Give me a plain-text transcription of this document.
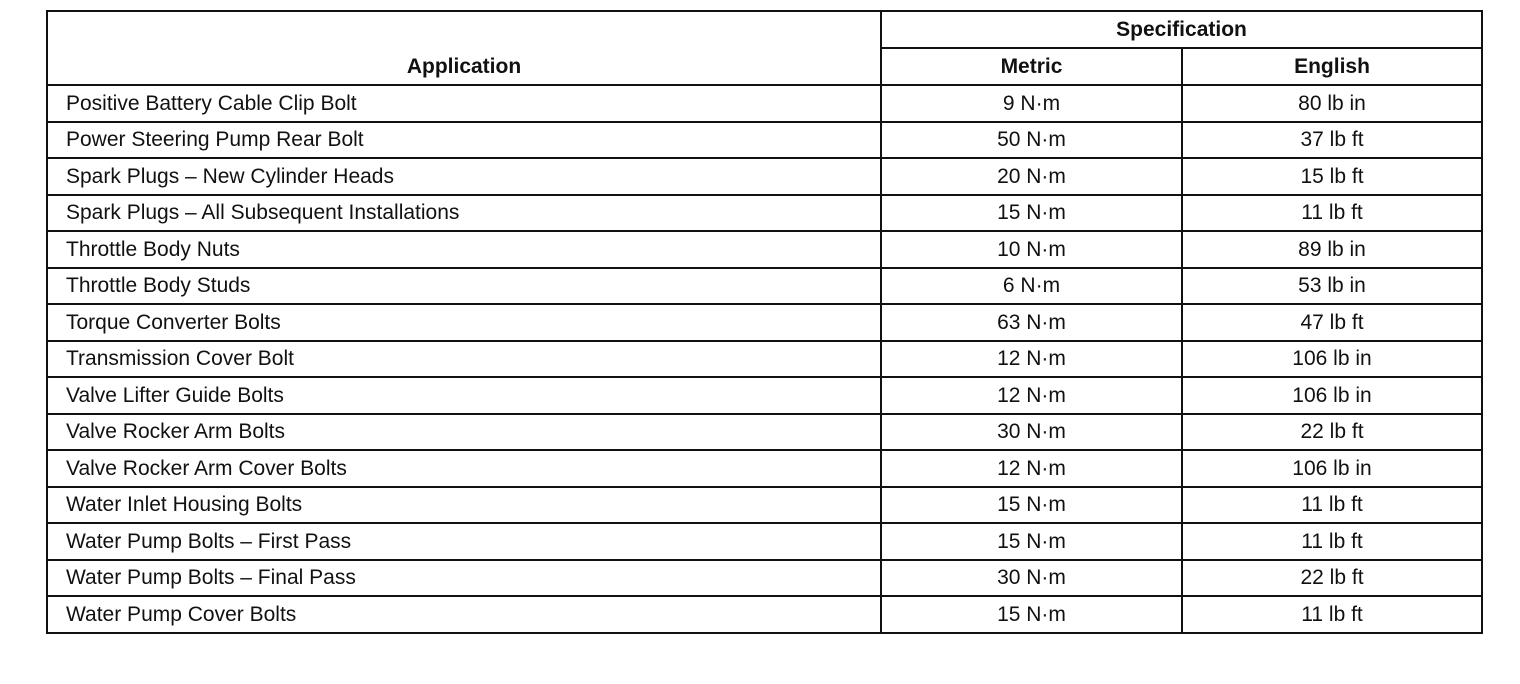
Application	Specification	
	Metric	English
Positive Battery Cable Clip Bolt	9 N·m	80 lb in
Power Steering Pump Rear Bolt	50 N·m	37 lb ft
Spark Plugs – New Cylinder Heads	20 N·m	15 lb ft
Spark Plugs – All Subsequent Installations	15 N·m	11 lb ft
Throttle Body Nuts	10 N·m	89 lb in
Throttle Body Studs	6 N·m	53 lb in
Torque Converter Bolts	63 N·m	47 lb ft
Transmission Cover Bolt	12 N·m	106 lb in
Valve Lifter Guide Bolts	12 N·m	106 lb in
Valve Rocker Arm Bolts	30 N·m	22 lb ft
Valve Rocker Arm Cover Bolts	12 N·m	106 lb in
Water Inlet Housing Bolts	15 N·m	11 lb ft
Water Pump Bolts – First Pass	15 N·m	11 lb ft
Water Pump Bolts – Final Pass	30 N·m	22 lb ft
Water Pump Cover Bolts	15 N·m	11 lb ft
